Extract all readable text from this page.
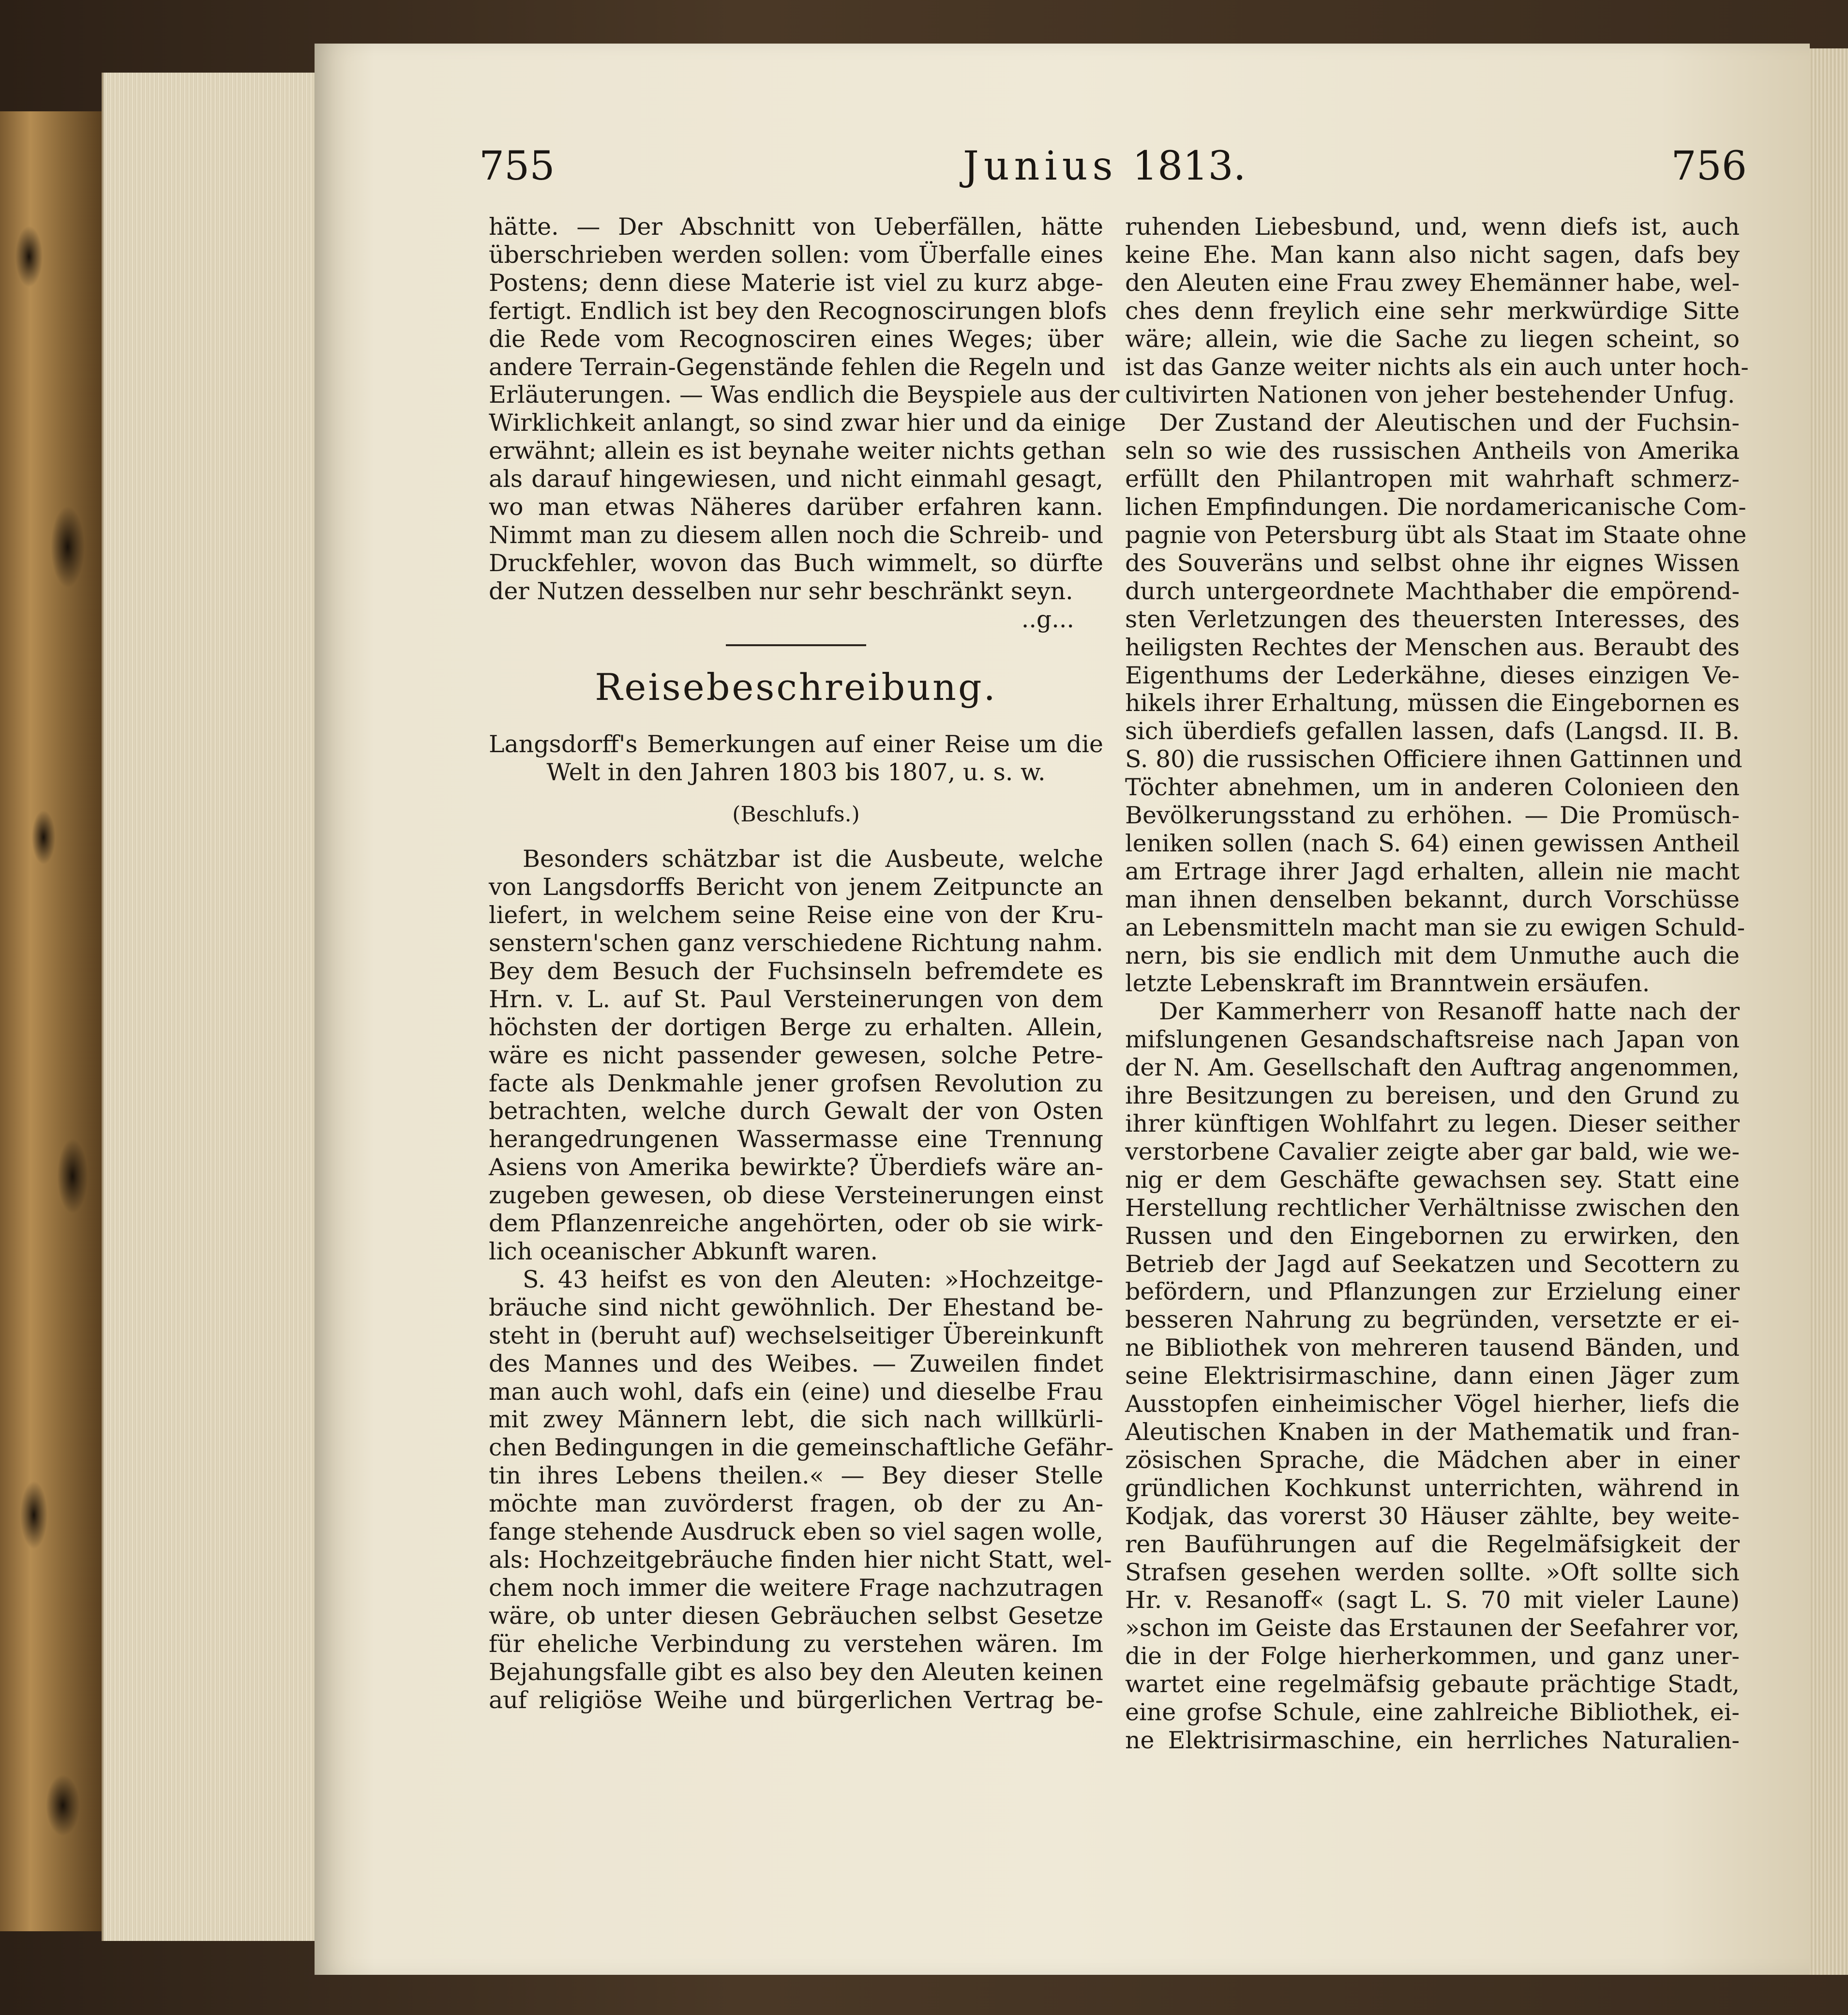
755	Junius 1813.	756

hätte. — Der Abschnitt von Ueberfällen, hätte

überschrieben werden sollen: vom Überfalle eines

Postens; denn diese Materie ist viel zu kurz abge-

fertigt. Endlich ist bey den Recognoscirungen blofs

die Rede vom Recognosciren eines Weges; über

andere Terrain-Gegenstände fehlen die Regeln und

Erläuterungen. — Was endlich die Beyspiele aus der

Wirklichkeit anlangt, so sind zwar hier und da einige

erwähnt; allein es ist beynahe weiter nichts gethan

als darauf hingewiesen, und nicht einmahl gesagt,

wo man etwas Näheres darüber erfahren kann.

Nimmt man zu diesem allen noch die Schreib- und

Druckfehler, wovon das Buch wimmelt, so dürfte

der Nutzen desselben nur sehr beschränkt seyn.

..g...

Reisebeschreibung.

Langsdorff's Bemerkungen auf einer Reise um die

Welt in den Jahren 1803 bis 1807, u. s. w.

(Beschlufs.)

Besonders schätzbar ist die Ausbeute, welche

von Langsdorffs Bericht von jenem Zeitpuncte an

liefert, in welchem seine Reise eine von der Kru-

senstern'schen ganz verschiedene Richtung nahm.

Bey dem Besuch der Fuchsinseln befremdete es

Hrn. v. L. auf St. Paul Versteinerungen von dem

höchsten der dortigen Berge zu erhalten. Allein,

wäre es nicht passender gewesen, solche Petre-

facte als Denkmahle jener grofsen Revolution zu

betrachten, welche durch Gewalt der von Osten

herangedrungenen Wassermasse eine Trennung

Asiens von Amerika bewirkte? Überdiefs wäre an-

zugeben gewesen, ob diese Versteinerungen einst

dem Pflanzenreiche angehörten, oder ob sie wirk-

lich oceanischer Abkunft waren.

S. 43 heifst es von den Aleuten: »Hochzeitge-

bräuche sind nicht gewöhnlich. Der Ehestand be-

steht in (beruht auf) wechselseitiger Übereinkunft

des Mannes und des Weibes. — Zuweilen findet

man auch wohl, dafs ein (eine) und dieselbe Frau

mit zwey Männern lebt, die sich nach willkürli-

chen Bedingungen in die gemeinschaftliche Gefähr-

tin ihres Lebens theilen.« — Bey dieser Stelle

möchte man zuvörderst fragen, ob der zu An-

fange stehende Ausdruck eben so viel sagen wolle,

als: Hochzeitgebräuche finden hier nicht Statt, wel-

chem noch immer die weitere Frage nachzutragen

wäre, ob unter diesen Gebräuchen selbst Gesetze

für eheliche Verbindung zu verstehen wären. Im

Bejahungsfalle gibt es also bey den Aleuten keinen

auf religiöse Weihe und bürgerlichen Vertrag be-

ruhenden Liebesbund, und, wenn diefs ist, auch

keine Ehe. Man kann also nicht sagen, dafs bey

den Aleuten eine Frau zwey Ehemänner habe, wel-

ches denn freylich eine sehr merkwürdige Sitte

wäre; allein, wie die Sache zu liegen scheint, so

ist das Ganze weiter nichts als ein auch unter hoch-

cultivirten Nationen von jeher bestehender Unfug.

Der Zustand der Aleutischen und der Fuchsin-

seln so wie des russischen Antheils von Amerika

erfüllt den Philantropen mit wahrhaft schmerz-

lichen Empfindungen. Die nordamericanische Com-

pagnie von Petersburg übt als Staat im Staate ohne

des Souveräns und selbst ohne ihr eignes Wissen

durch untergeordnete Machthaber die empörend-

sten Verletzungen des theuersten Interesses, des

heiligsten Rechtes der Menschen aus. Beraubt des

Eigenthums der Lederkähne, dieses einzigen Ve-

hikels ihrer Erhaltung, müssen die Eingebornen es

sich überdiefs gefallen lassen, dafs (Langsd. II. B.

S. 80) die russischen Officiere ihnen Gattinnen und

Töchter abnehmen, um in anderen Colonieen den

Bevölkerungsstand zu erhöhen. — Die Promüsch-

leniken sollen (nach S. 64) einen gewissen Antheil

am Ertrage ihrer Jagd erhalten, allein nie macht

man ihnen denselben bekannt, durch Vorschüsse

an Lebensmitteln macht man sie zu ewigen Schuld-

nern, bis sie endlich mit dem Unmuthe auch die

letzte Lebenskraft im Branntwein ersäufen.

Der Kammerherr von Resanoff hatte nach der

mifslungenen Gesandschaftsreise nach Japan von

der N. Am. Gesellschaft den Auftrag angenommen,

ihre Besitzungen zu bereisen, und den Grund zu

ihrer künftigen Wohlfahrt zu legen. Dieser seither

verstorbene Cavalier zeigte aber gar bald, wie we-

nig er dem Geschäfte gewachsen sey. Statt eine

Herstellung rechtlicher Verhältnisse zwischen den

Russen und den Eingebornen zu erwirken, den

Betrieb der Jagd auf Seekatzen und Secottern zu

befördern, und Pflanzungen zur Erzielung einer

besseren Nahrung zu begründen, versetzte er ei-

ne Bibliothek von mehreren tausend Bänden, und

seine Elektrisirmaschine, dann einen Jäger zum

Ausstopfen einheimischer Vögel hierher, liefs die

Aleutischen Knaben in der Mathematik und fran-

zösischen Sprache, die Mädchen aber in einer

gründlichen Kochkunst unterrichten, während in

Kodjak, das vorerst 30 Häuser zählte, bey weite-

ren Bauführungen auf die Regelmäfsigkeit der

Strafsen gesehen werden sollte. »Oft sollte sich

Hr. v. Resanoff« (sagt L. S. 70 mit vieler Laune)

»schon im Geiste das Erstaunen der Seefahrer vor,

die in der Folge hierherkommen, und ganz uner-

wartet eine regelmäfsig gebaute prächtige Stadt,

eine grofse Schule, eine zahlreiche Bibliothek, ei-

ne Elektrisirmaschine, ein herrliches Naturalien-
